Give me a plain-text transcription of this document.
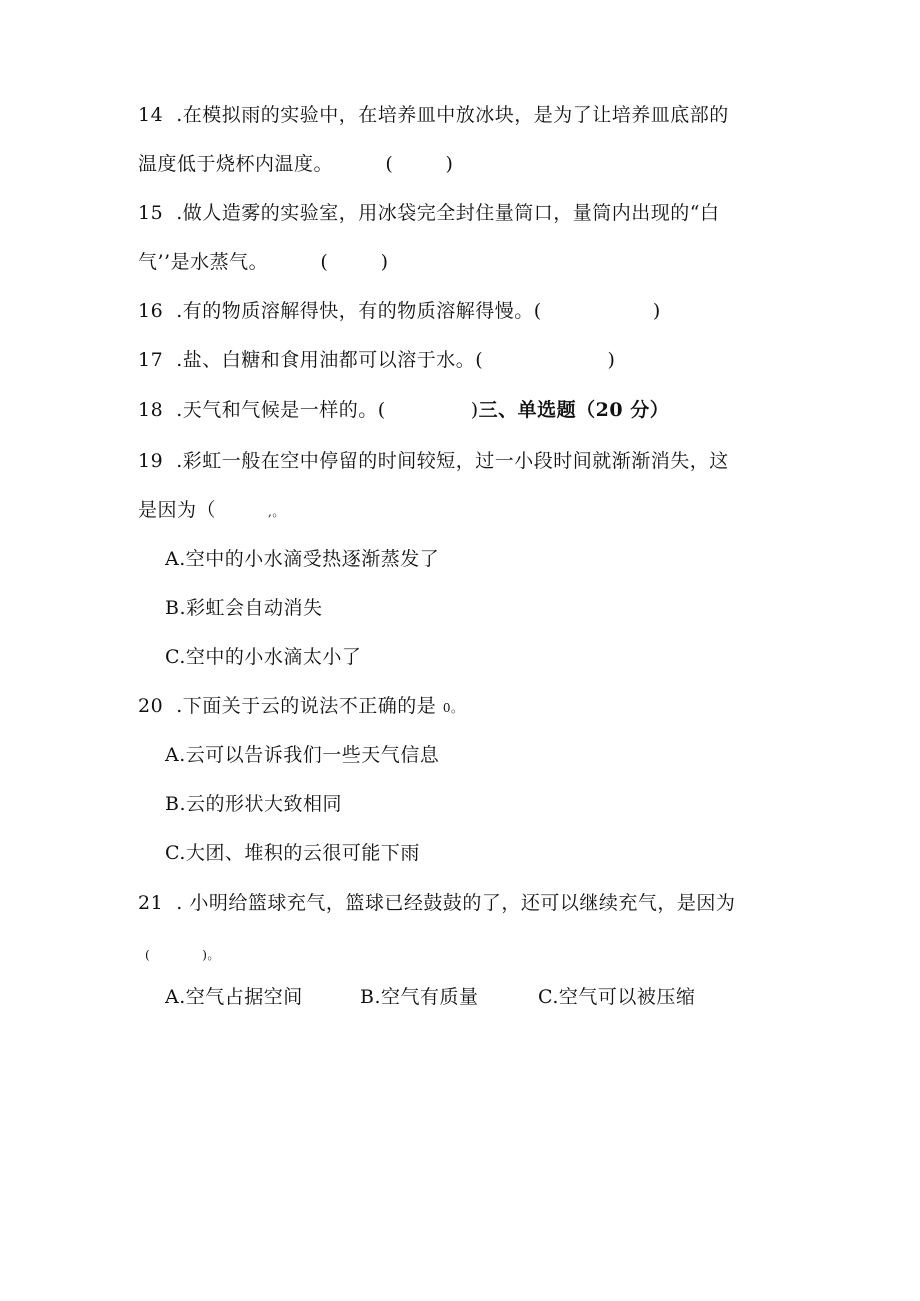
14  .在模拟雨的实验中，在培养皿中放冰块，是为了让培养皿底部的
温度低于烧杯内温度。        (        )
15  .做人造雾的实验室，用冰袋完全封住量筒口，量筒内出现的“白
气’’是水蒸气。        (        )
16  .有的物质溶解得快，有的物质溶解得慢。(                 )
17  .盐、白糖和食用油都可以溶于水。(                   )
18  .天气和气候是一样的。(             )三、单选题（20 分）
19  .彩虹一般在空中停留的时间较短，过一小段时间就渐渐消失，这
是因为（	,。
A.空中的小水滴受热逐渐蒸发了
B.彩虹会自动消失
C.空中的小水滴太小了
20  .下面关于云的说法不正确的是 0。
A.云可以告诉我们一些天气信息
B.云的形状大致相同
C.大团、堆积的云很可能下雨
21  . 小明给篮球充气，篮球已经鼓鼓的了，还可以继续充气，是因为
(	)。
A.空气占据空间	B.空气有质量	C.空气可以被压缩
